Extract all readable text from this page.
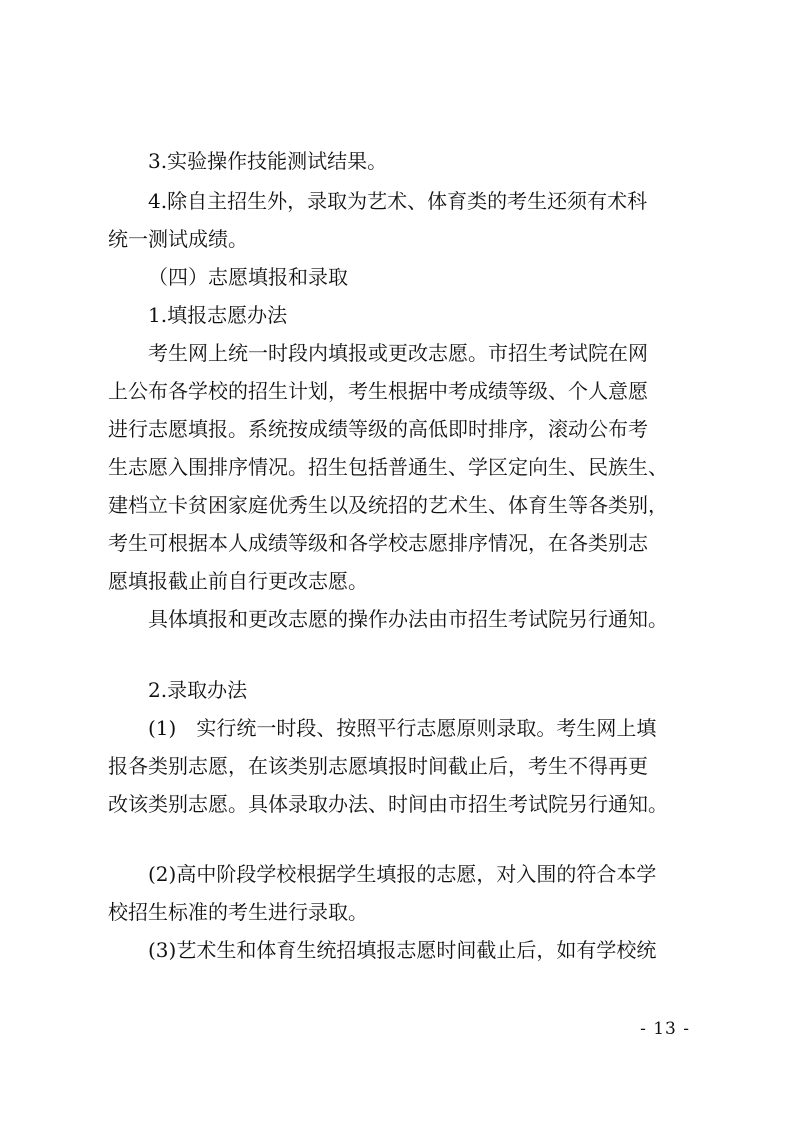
3.实验操作技能测试结果。
4.除自主招生外，录取为艺术、体育类的考生还须有术科
统一测试成绩。
（四）志愿填报和录取
1.填报志愿办法
考生网上统一时段内填报或更改志愿。市招生考试院在网
上公布各学校的招生计划，考生根据中考成绩等级、个人意愿
进行志愿填报。系统按成绩等级的高低即时排序，滚动公布考
生志愿入围排序情况。招生包括普通生、学区定向生、民族生、
建档立卡贫困家庭优秀生以及统招的艺术生、体育生等各类别，
考生可根据本人成绩等级和各学校志愿排序情况，在各类别志
愿填报截止前自行更改志愿。
具体填报和更改志愿的操作办法由市招生考试院另行通知。
2.录取办法
(1)　实行统一时段、按照平行志愿原则录取。考生网上填
报各类别志愿，在该类别志愿填报时间截止后，考生不得再更
改该类别志愿。具体录取办法、时间由市招生考试院另行通知。
(2)高中阶段学校根据学生填报的志愿，对入围的符合本学
校招生标准的考生进行录取。
(3)艺术生和体育生统招填报志愿时间截止后，如有学校统
- 13 -
